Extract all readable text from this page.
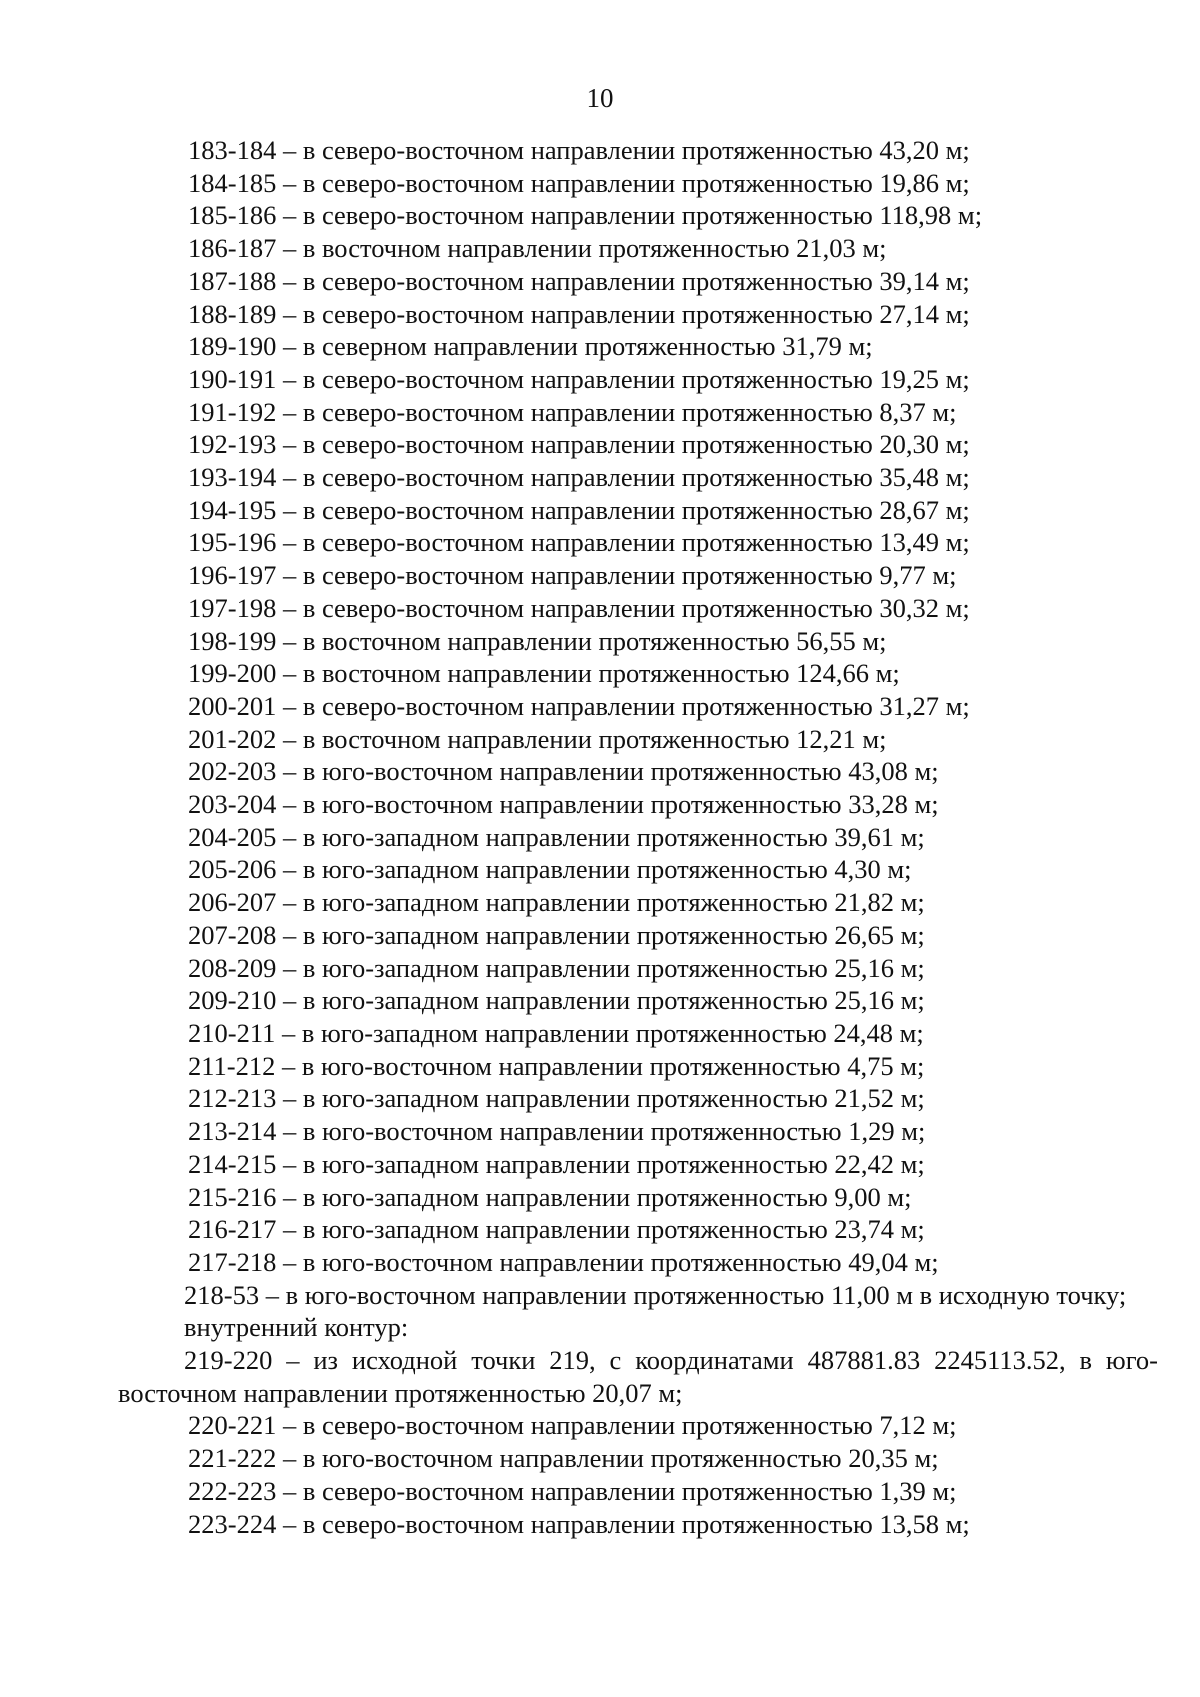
10
183-184 – в северо-восточном направлении протяженностью 43,20 м;
184-185 – в северо-восточном направлении протяженностью 19,86 м;
185-186 – в северо-восточном направлении протяженностью 118,98 м;
186-187 – в восточном направлении протяженностью 21,03 м;
187-188 – в северо-восточном направлении протяженностью 39,14 м;
188-189 – в северо-восточном направлении протяженностью 27,14 м;
189-190 – в северном направлении протяженностью 31,79 м;
190-191 – в северо-восточном направлении протяженностью 19,25 м;
191-192 – в северо-восточном направлении протяженностью 8,37 м;
192-193 – в северо-восточном направлении протяженностью 20,30 м;
193-194 – в северо-восточном направлении протяженностью 35,48 м;
194-195 – в северо-восточном направлении протяженностью 28,67 м;
195-196 – в северо-восточном направлении протяженностью 13,49 м;
196-197 – в северо-восточном направлении протяженностью 9,77 м;
197-198 – в северо-восточном направлении протяженностью 30,32 м;
198-199 – в восточном направлении протяженностью 56,55 м;
199-200 – в восточном направлении протяженностью 124,66 м;
200-201 – в северо-восточном направлении протяженностью 31,27 м;
201-202 – в восточном направлении протяженностью 12,21 м;
202-203 – в юго-восточном направлении протяженностью 43,08 м;
203-204 – в юго-восточном направлении протяженностью 33,28 м;
204-205 – в юго-западном направлении протяженностью 39,61 м;
205-206 – в юго-западном направлении протяженностью 4,30 м;
206-207 – в юго-западном направлении протяженностью 21,82 м;
207-208 – в юго-западном направлении протяженностью 26,65 м;
208-209 – в юго-западном направлении протяженностью 25,16 м;
209-210 – в юго-западном направлении протяженностью 25,16 м;
210-211 – в юго-западном направлении протяженностью 24,48 м;
211-212 – в юго-восточном направлении протяженностью 4,75 м;
212-213 – в юго-западном направлении протяженностью 21,52 м;
213-214 – в юго-восточном направлении протяженностью 1,29 м;
214-215 – в юго-западном направлении протяженностью 22,42 м;
215-216 – в юго-западном направлении протяженностью 9,00 м;
216-217 – в юго-западном направлении протяженностью 23,74 м;
217-218 – в юго-восточном направлении протяженностью 49,04 м;
218-53 – в юго-восточном направлении протяженностью 11,00 м в исходную точку;
внутренний контур:
219-220 – из исходной точки 219, с координатами 487881.83 2245113.52, в юго- восточном направлении протяженностью 20,07 м;
220-221 – в северо-восточном направлении протяженностью 7,12 м;
221-222 – в юго-восточном направлении протяженностью 20,35 м;
222-223 – в северо-восточном направлении протяженностью 1,39 м;
223-224 – в северо-восточном направлении протяженностью 13,58 м;
